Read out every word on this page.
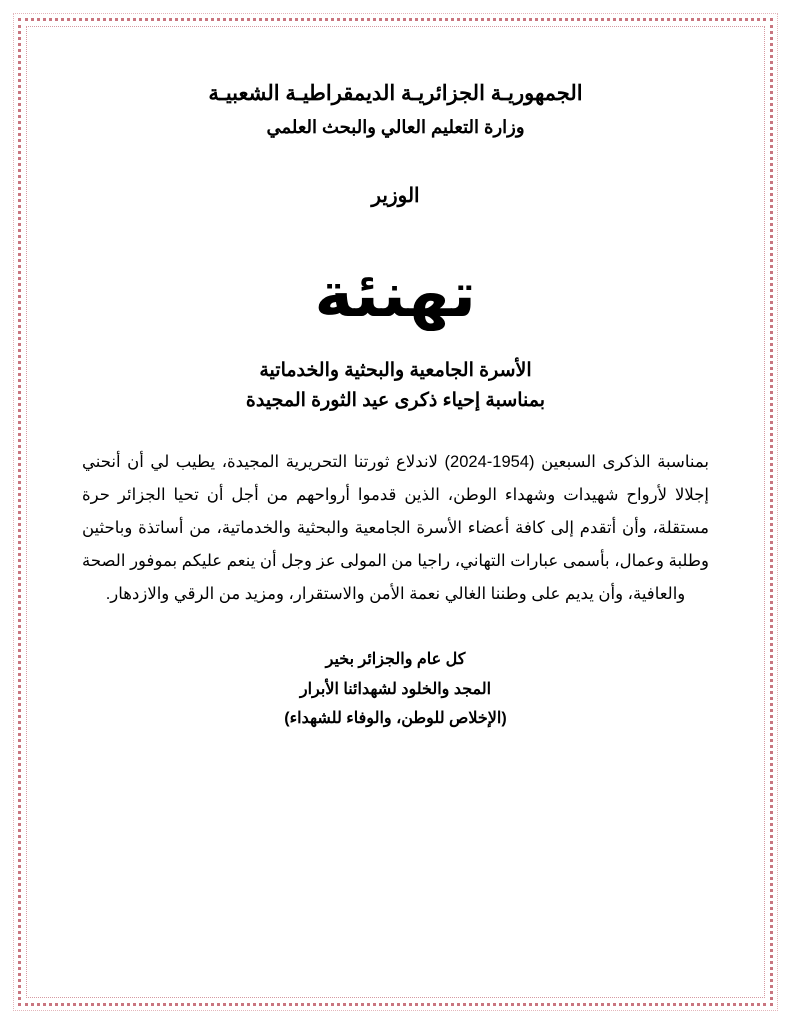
الجمهوريـة الجزائريـة الديمقراطيـة الشعبيـة
وزارة التعليم العالي والبحث العلمي
الوزير
تهنئة
الأسرة الجامعية والبحثية والخدماتية
بمناسبة إحياء ذكرى عيد الثورة المجيدة

بمناسبة الذكرى السبعين (1954-2024) لاندلاع ثورتنا التحريرية المجيدة، يطيب لي أن أنحني إجلالا لأرواح شهيدات وشهداء الوطن، الذين قدموا أرواحهم من أجل أن تحيا الجزائر حرة مستقلة، وأن أتقدم إلى كافة أعضاء الأسرة الجامعية والبحثية والخدماتية، من أساتذة وباحثين وطلبة وعمال، بأسمى عبارات التهاني، راجيا من المولى عز وجل أن ينعم عليكم بموفور الصحة والعافية، وأن يديم على وطننا الغالي نعمة الأمن والاستقرار، ومزيد من الرقي والازدهار.

كل عام والجزائر بخير
المجد والخلود لشهدائنا الأبرار
(الإخلاص للوطن، والوفاء للشهداء)
